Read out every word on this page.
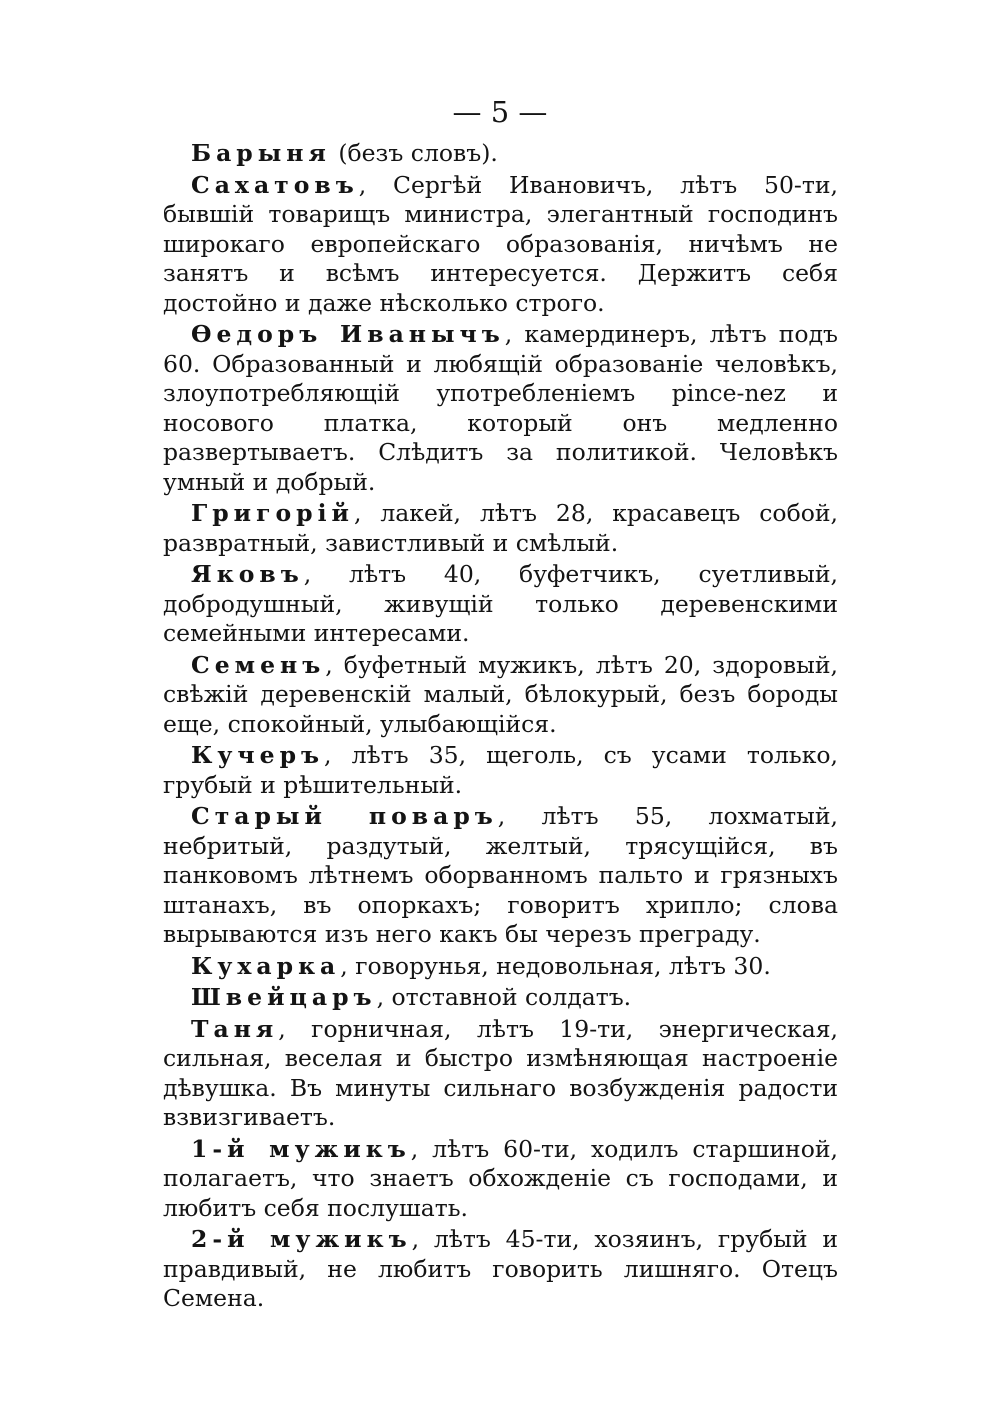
— 5 —

Барыня (безъ словъ).

Сахатовъ, Сергѣй Ивановичъ, лѣтъ 50-ти, бывшій товарищъ министра, элегантный господинъ широкаго европейскаго образованія, ничѣмъ не занятъ и всѣмъ интересуется. Держитъ себя достойно и даже нѣсколько строго.

Ѳедоръ Иванычъ, камердинеръ, лѣтъ подъ 60. Образованный и любящій образованіе человѣкъ, злоупотребляющій употребленіемъ pince-nez и носового платка, который онъ медленно развертываетъ. Слѣдитъ за политикой. Человѣкъ умный и добрый.

Григорій, лакей, лѣтъ 28, красавецъ собой, развратный, завистливый и смѣлый.

Яковъ, лѣтъ 40, буфетчикъ, суетливый, добродушный, живущій только деревенскими семейными интересами.

Семенъ, буфетный мужикъ, лѣтъ 20, здоровый, свѣжій деревенскій малый, бѣлокурый, безъ бороды еще, спокойный, улыбающійся.

Кучеръ, лѣтъ 35, щеголь, съ усами только, грубый и рѣшительный.

Старый поваръ, лѣтъ 55, лохматый, небритый, раздутый, желтый, трясущійся, въ панковомъ лѣтнемъ оборванномъ пальто и грязныхъ штанахъ, въ опоркахъ; говоритъ хрипло; слова вырываются изъ него какъ бы черезъ преграду.

Кухарка, говорунья, недовольная, лѣтъ 30.

Швейцаръ, отставной солдатъ.

Таня, горничная, лѣтъ 19-ти, энергическая, сильная, веселая и быстро измѣняющая настроеніе дѣвушка. Въ минуты сильнаго возбужденія радости взвизгиваетъ.

1-й мужикъ, лѣтъ 60-ти, ходилъ старшиной, полагаетъ, что знаетъ обхожденіе съ господами, и любитъ себя послушать.

2-й мужикъ, лѣтъ 45-ти, хозяинъ, грубый и правдивый, не любитъ говорить лишняго. Отецъ Семена.
